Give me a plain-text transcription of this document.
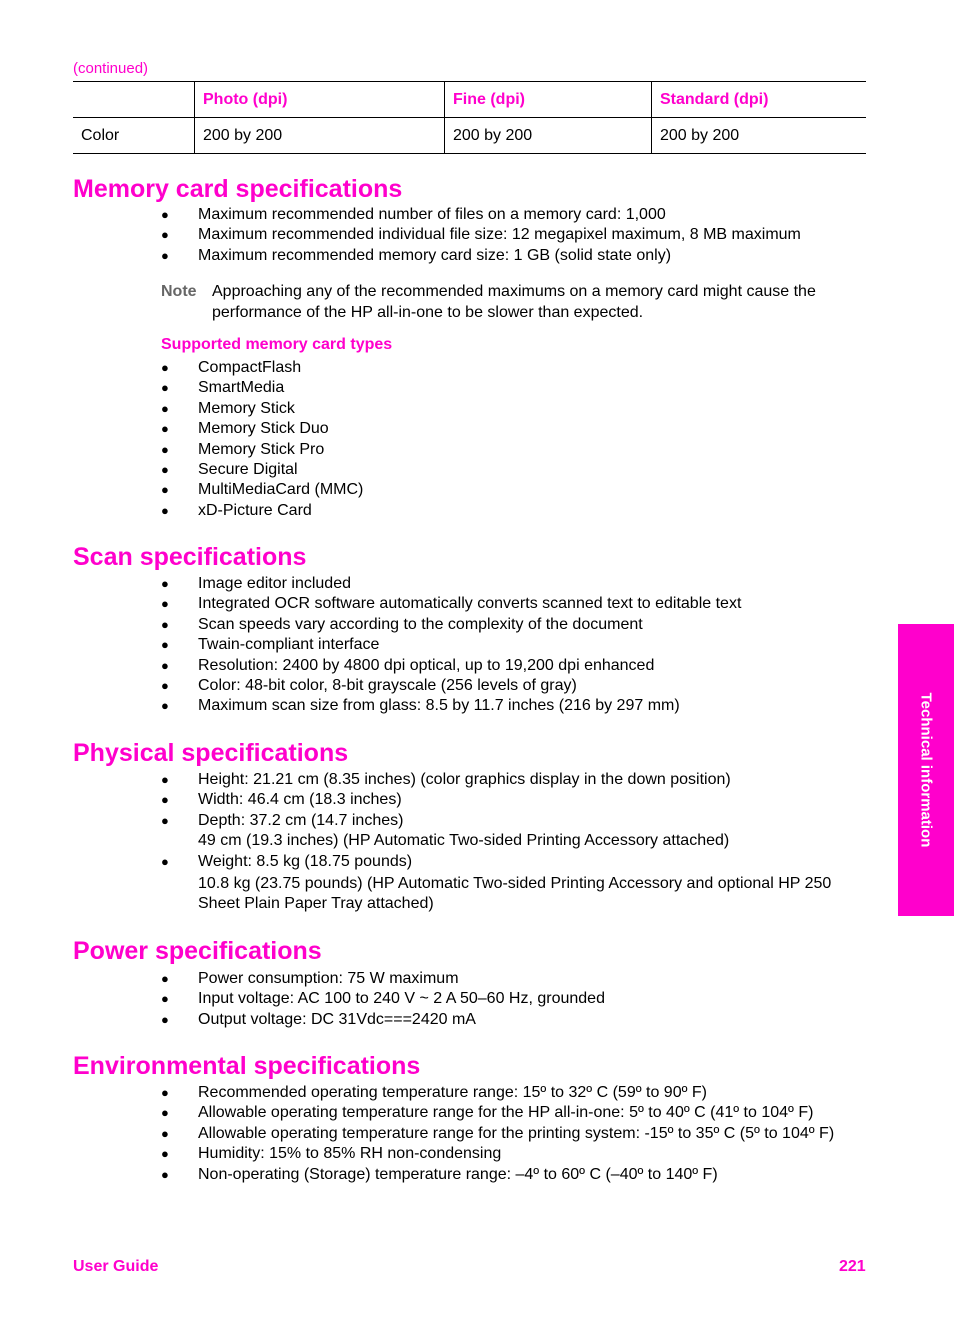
(continued)
	Photo (dpi)	Fine (dpi)	Standard (dpi)
Color	200 by 200	200 by 200	200 by 200
Memory card specifications
● Maximum recommended number of files on a memory card: 1,000
● Maximum recommended individual file size: 12 megapixel maximum, 8 MB maximum
● Maximum recommended memory card size: 1 GB (solid state only)
Note Approaching any of the recommended maximums on a memory card might cause the performance of the HP all-in-one to be slower than expected.
Supported memory card types
● CompactFlash
● SmartMedia
● Memory Stick
● Memory Stick Duo
● Memory Stick Pro
● Secure Digital
● MultiMediaCard (MMC)
● xD-Picture Card
Scan specifications
● Image editor included
● Integrated OCR software automatically converts scanned text to editable text
● Scan speeds vary according to the complexity of the document
● Twain-compliant interface
● Resolution: 2400 by 4800 dpi optical, up to 19,200 dpi enhanced
● Color: 48-bit color, 8-bit grayscale (256 levels of gray)
● Maximum scan size from glass: 8.5 by 11.7 inches (216 by 297 mm)
Physical specifications
● Height: 21.21 cm (8.35 inches) (color graphics display in the down position)
● Width: 46.4 cm (18.3 inches)
● Depth: 37.2 cm (14.7 inches)
49 cm (19.3 inches) (HP Automatic Two-sided Printing Accessory attached)
● Weight: 8.5 kg (18.75 pounds)
10.8 kg (23.75 pounds) (HP Automatic Two-sided Printing Accessory and optional HP 250 Sheet Plain Paper Tray attached)
Power specifications
● Power consumption: 75 W maximum
● Input voltage: AC 100 to 240 V ~ 2 A 50–60 Hz, grounded
● Output voltage: DC 31Vdc===2420 mA
Environmental specifications
● Recommended operating temperature range: 15º to 32º C (59º to 90º F)
● Allowable operating temperature range for the HP all-in-one: 5º to 40º C (41º to 104º F)
● Allowable operating temperature range for the printing system: -15º to 35º C (5º to 104º F)
● Humidity: 15% to 85% RH non-condensing
● Non-operating (Storage) temperature range: –4º to 60º C (–40º to 140º F)
Technical information
User Guide	221
